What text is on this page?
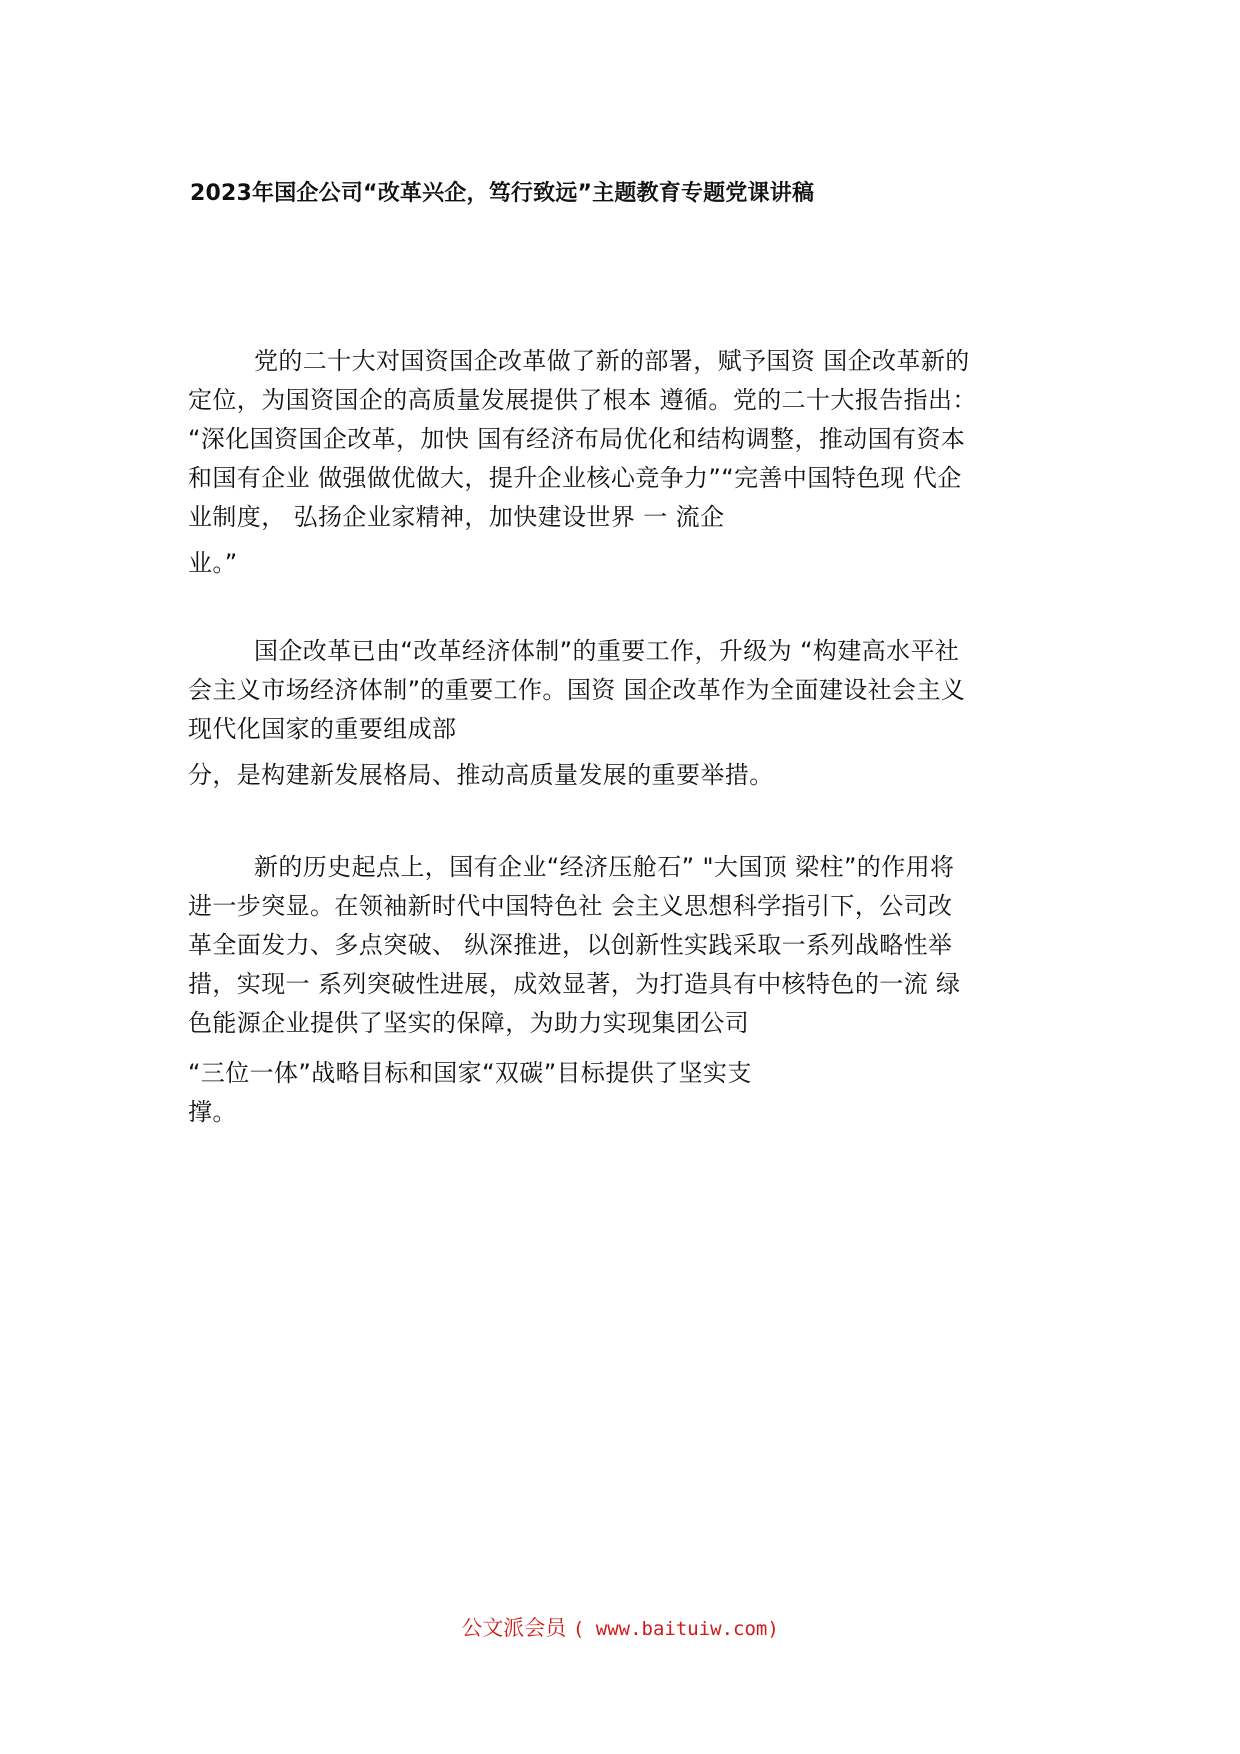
2023年国企公司“改革兴企，笃行致远”主题教育专题党课讲稿
党的二十大对国资国企改革做了新的部署，赋予国资 国企改革新的
定位，为国资国企的高质量发展提供了根本 遵循。党的二十大报告指出：
“深化国资国企改革，加快 国有经济布局优化和结构调整，推动国有资本
和国有企业 做强做优做大，提升企业核心竞争力”“完善中国特色现 代企
业制度， 弘扬企业家精神，加快建设世界 一 流企
业。”
国企改革已由“改革经济体制”的重要工作，升级为 “构建高水平社
会主义市场经济体制”的重要工作。国资 国企改革作为全面建设社会主义
现代化国家的重要组成部
分，是构建新发展格局、推动高质量发展的重要举措。
新的历史起点上，国有企业“经济压舱石” "大国顶 梁柱”的作用将
进一步突显。在领袖新时代中国特色社 会主义思想科学指引下，公司改
革全面发力、多点突破、 纵深推进，以创新性实践采取一系列战略性举
措，实现一 系列突破性进展，成效显著，为打造具有中核特色的一流 绿
色能源企业提供了坚实的保障，为助力实现集团公司
“三位一体”战略目标和国家“双碳”目标提供了坚实支
撑。
公文派会员 ( www.baituiw.com)
